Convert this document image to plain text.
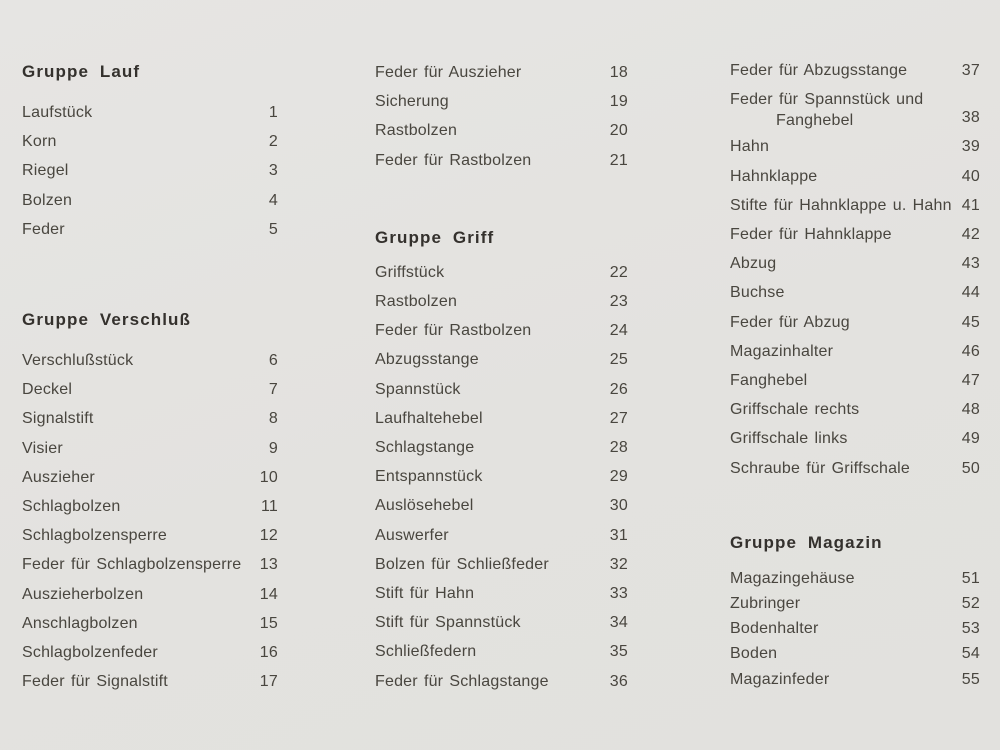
Gruppe Lauf
Laufstück	1
Korn	2
Riegel	3
Bolzen	4
Feder	5
Gruppe Verschluß
Verschlußstück	6
Deckel	7
Signalstift	8
Visier	9
Auszieher	10
Schlagbolzen	11
Schlagbolzensperre	12
Feder für Schlagbolzensperre 13
Auszieherbolzen	14
Anschlagbolzen	15
Schlagbolzenfeder	16
Feder für Signalstift	17
Feder für Auszieher	18
Sicherung	19
Rastbolzen	20
Feder für Rastbolzen	21
Gruppe Griff
Griffstück	22
Rastbolzen	23
Feder für Rastbolzen	24
Abzugsstange	25
Spannstück	26
Laufhaltehebel	27
Schlagstange	28
Entspannstück	29
Auslösehebel	30
Auswerfer	31
Bolzen für Schließfeder	32
Stift für Hahn	33
Stift für Spannstück	34
Schließfedern	35
Feder für Schlagstange	36
Feder für Abzugsstange	37
Feder für Spannstück und
Fanghebel	38
Hahn	39
Hahnklappe	40
Stifte für Hahnklappe u. Hahn 41
Feder für Hahnklappe	42
Abzug	43
Buchse	44
Feder für Abzug	45
Magazinhalter	46
Fanghebel	47
Griffschale rechts	48
Griffschale links	49
Schraube für Griffschale	50
Gruppe Magazin
Magazingehäuse	51
Zubringer	52
Bodenhalter	53
Boden	54
Magazinfeder	55
